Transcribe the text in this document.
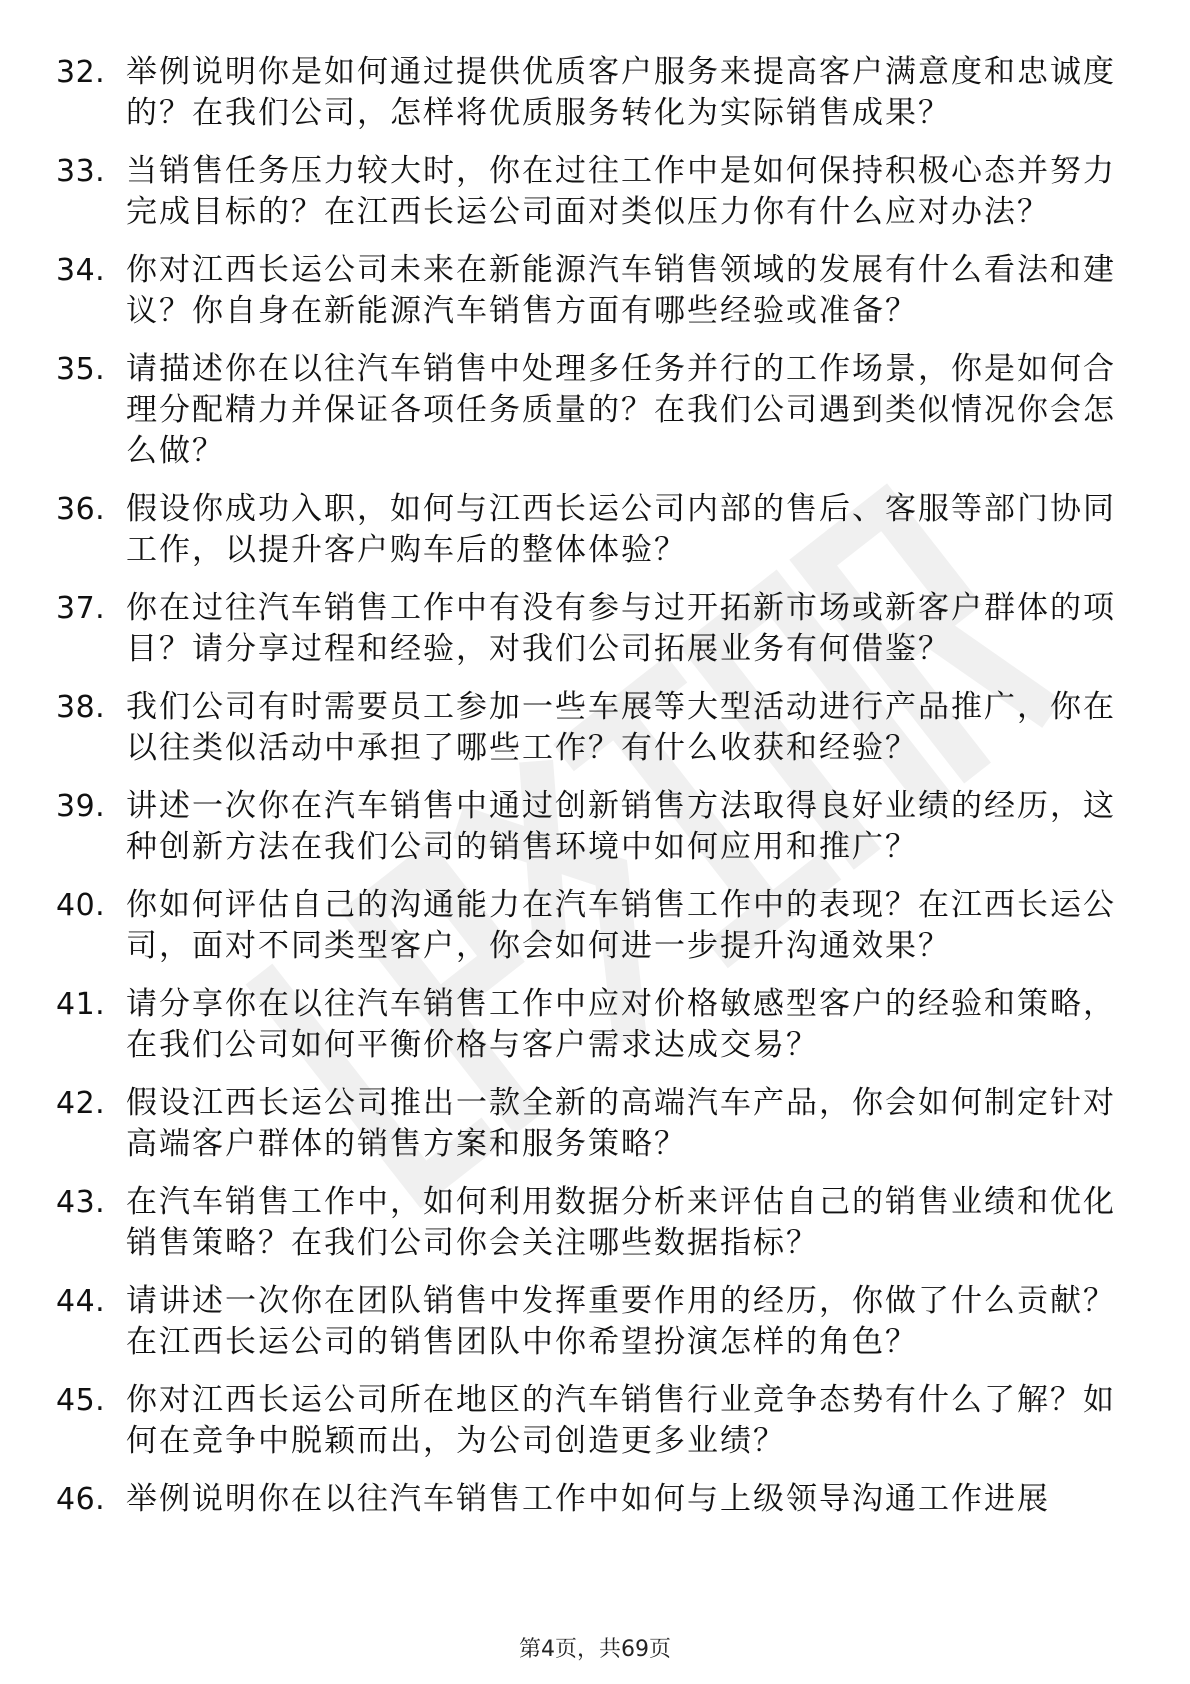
32. 举例说明你是如何通过提供优质客户服务来提高客户满意度和忠诚度的？在我们公司，怎样将优质服务转化为实际销售成果？
33. 当销售任务压力较大时，你在过往工作中是如何保持积极心态并努力完成目标的？在江西长运公司面对类似压力你有什么应对办法？
34. 你对江西长运公司未来在新能源汽车销售领域的发展有什么看法和建议？你自身在新能源汽车销售方面有哪些经验或准备？
35. 请描述你在以往汽车销售中处理多任务并行的工作场景，你是如何合理分配精力并保证各项任务质量的？在我们公司遇到类似情况你会怎么做？
36. 假设你成功入职，如何与江西长运公司内部的售后、客服等部门协同工作，以提升客户购车后的整体体验？
37. 你在过往汽车销售工作中有没有参与过开拓新市场或新客户群体的项目？请分享过程和经验，对我们公司拓展业务有何借鉴？
38. 我们公司有时需要员工参加一些车展等大型活动进行产品推广，你在以往类似活动中承担了哪些工作？有什么收获和经验？
39. 讲述一次你在汽车销售中通过创新销售方法取得良好业绩的经历，这种创新方法在我们公司的销售环境中如何应用和推广？
40. 你如何评估自己的沟通能力在汽车销售工作中的表现？在江西长运公司，面对不同类型客户，你会如何进一步提升沟通效果？
41. 请分享你在以往汽车销售工作中应对价格敏感型客户的经验和策略，在我们公司如何平衡价格与客户需求达成交易？
42. 假设江西长运公司推出一款全新的高端汽车产品，你会如何制定针对高端客户群体的销售方案和服务策略？
43. 在汽车销售工作中，如何利用数据分析来评估自己的销售业绩和优化销售策略？在我们公司你会关注哪些数据指标？
44. 请讲述一次你在团队销售中发挥重要作用的经历，你做了什么贡献？在江西长运公司的销售团队中你希望扮演怎样的角色？
45. 你对江西长运公司所在地区的汽车销售行业竞争态势有什么了解？如何在竞争中脱颖而出，为公司创造更多业绩？
46. 举例说明你在以往汽车销售工作中如何与上级领导沟通工作进展
第4页，共69页
